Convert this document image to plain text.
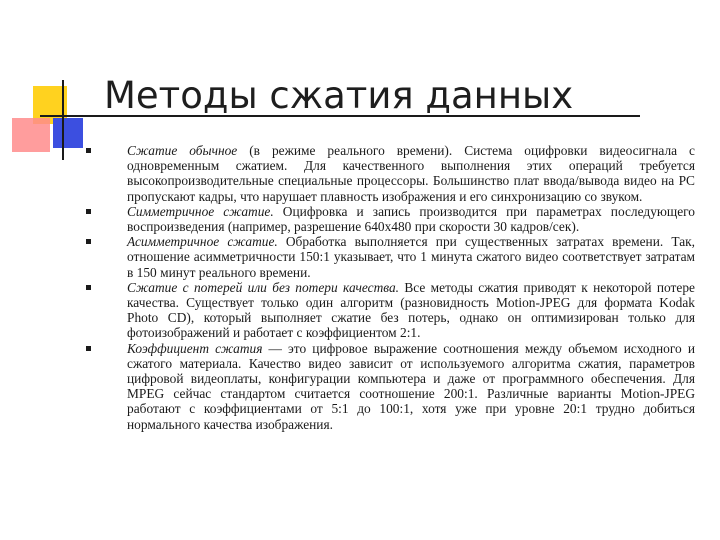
Методы сжатия данных
Сжатие обычное (в режиме реального времени). Система оцифровки видеосигнала с одновременным сжатием. Для качественного выполнения этих операций требуется высокопроизводительные специальные процессоры. Большинство плат ввода/вывода видео на PC пропускают кадры, что нарушает плавность изображения и его синхронизацию со звуком.
Симметричное сжатие. Оцифровка и запись производится при параметрах последующего воспроизведения (например, разрешение 640х480 при скорости 30 кадров/сек).
Асимметричное сжатие. Обработка выполняется при существенных затратах времени. Так, отношение асимметричности 150:1 указывает, что 1 минута сжатого видео соответствует затратам в 150 минут реального времени.
Сжатие с потерей или без потери качества. Все методы сжатия приводят к некоторой потере качества. Существует только один алгоритм (разновидность Motion-JPEG для формата Kodak Photo CD), который выполняет сжатие без потерь, однако он оптимизирован только для фотоизображений и работает с коэффициентом 2:1.
Коэффициент сжатия — это цифровое выражение соотношения между объемом исходного и сжатого материала. Качество видео зависит от используемого алгоритма сжатия, параметров цифровой видеоплаты, конфигурации компьютера и даже от программного обеспечения. Для MPEG сейчас стандартом считается соотношение 200:1. Различные варианты Motion-JPEG работают с коэффициентами от 5:1 до 100:1, хотя уже при уровне 20:1 трудно добиться нормального качества изображения.
